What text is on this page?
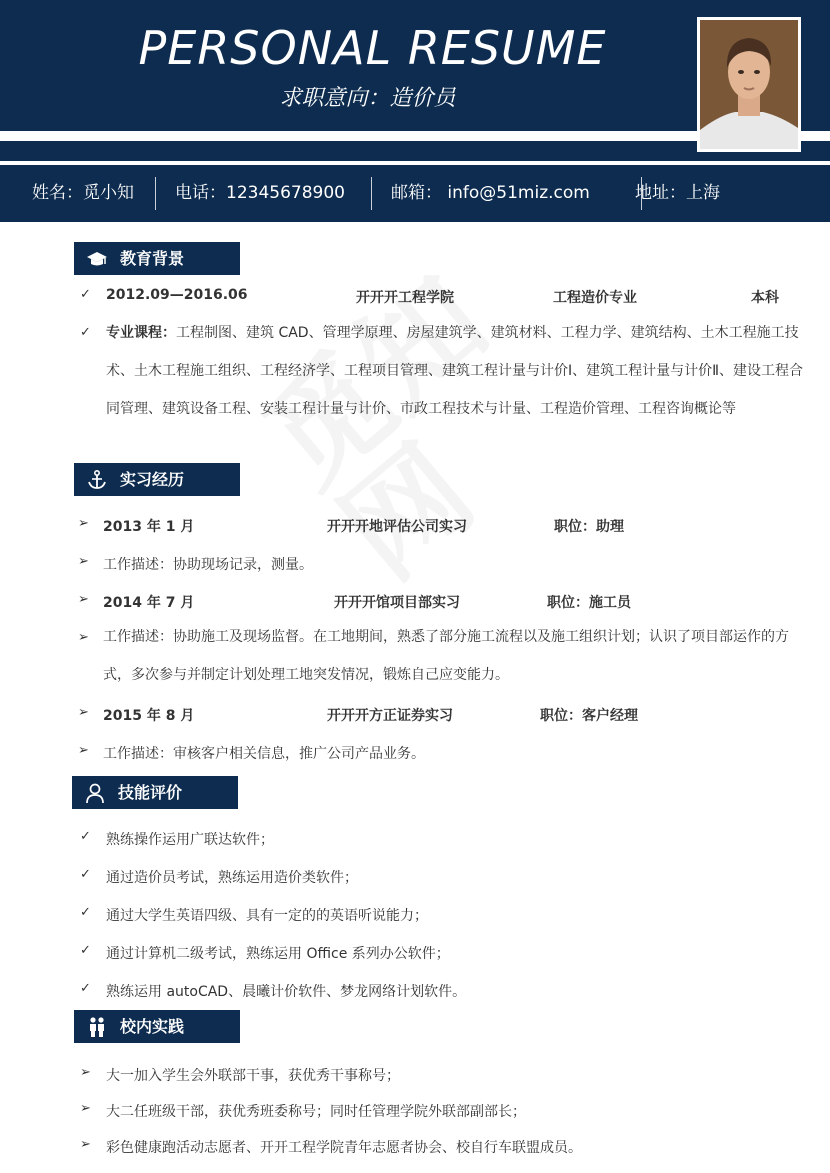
PERSONAL RESUME
求职意向：造价员
姓名：觅小知 电话：12345678900	邮箱： info@51miz.com	地址：上海
教育背景
✓ 2012.09—2016.06	开开开工程学院	工程造价专业	本科
✓ 专业课程：工程制图、建筑 CAD、管理学原理、房屋建筑学、建筑材料、工程力学、建筑结构、土木工程施工技术、土木工程施工组织、工程经济学、工程项目管理、建筑工程计量与计价Ⅰ、建筑工程计量与计价Ⅱ、建设工程合同管理、建筑设备工程、安装工程计量与计价、市政工程技术与计量、工程造价管理、工程咨询概论等
实习经历
➢ 2013 年 1 月	开开开地评估公司实习	职位：助理
➢ 工作描述：协助现场记录，测量。
➢ 2014 年 7 月	开开开馆项目部实习	职位：施工员
➢ 工作描述：协助施工及现场监督。在工地期间，熟悉了部分施工流程以及施工组织计划；认识了项目部运作的方式，多次参与并制定计划处理工地突发情况，锻炼自己应变能力。
➢ 2015 年 8 月	开开开方正证券实习	职位：客户经理
➢ 工作描述：审核客户相关信息，推广公司产品业务。
技能评价
✓ 熟练操作运用广联达软件；
✓ 通过造价员考试，熟练运用造价类软件；
✓ 通过大学生英语四级、具有一定的的英语听说能力；
✓ 通过计算机二级考试，熟练运用 Office 系列办公软件；
✓ 熟练运用 autoCAD、晨曦计价软件、梦龙网络计划软件。
校内实践
➢ 大一加入学生会外联部干事，获优秀干事称号；
➢ 大二任班级干部，获优秀班委称号；同时任管理学院外联部副部长；
➢ 彩色健康跑活动志愿者、开开工程学院青年志愿者协会、校自行车联盟成员。
